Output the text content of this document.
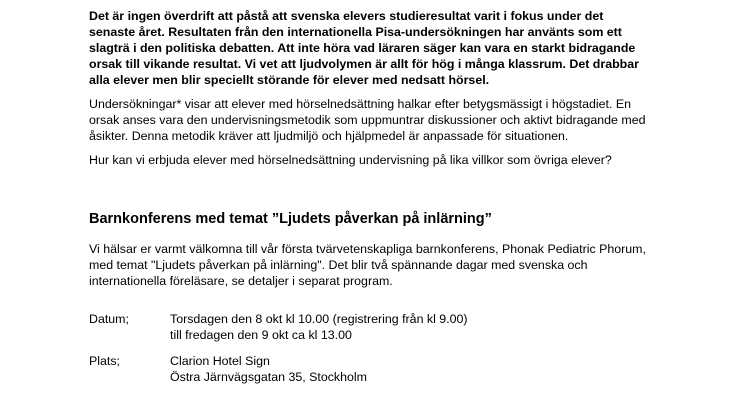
Det är ingen överdrift att påstå att svenska elevers studieresultat varit i fokus under det
senaste året. Resultaten från den internationella Pisa-undersökningen har använts som ett
slagträ i den politiska debatten. Att inte höra vad läraren säger kan vara en starkt bidragande
orsak till vikande resultat. Vi vet att ljudvolymen är allt för hög i många klassrum. Det drabbar
alla elever men blir speciellt störande för elever med nedsatt hörsel.

Undersökningar* visar att elever med hörselnedsättning halkar efter betygsmässigt i högstadiet. En
orsak anses vara den undervisningsmetodik som uppmuntrar diskussioner och aktivt bidragande med
åsikter. Denna metodik kräver att ljudmiljö och hjälpmedel är anpassade för situationen.

Hur kan vi erbjuda elever med hörselnedsättning undervisning på lika villkor som övriga elever?

Barnkonferens med temat ”Ljudets påverkan på inlärning”

Vi hälsar er varmt välkomna till vår första tvärvetenskapliga barnkonferens, Phonak Pediatric Phorum,
med temat "Ljudets påverkan på inlärning". Det blir två spännande dagar med svenska och
internationella föreläsare, se detaljer i separat program.

Datum;	Torsdagen den 8 okt kl 10.00 (registrering från kl 9.00)
till fredagen den 9 okt ca kl 13.00
Plats;	Clarion Hotel Sign
Östra Järnvägsgatan 35, Stockholm
